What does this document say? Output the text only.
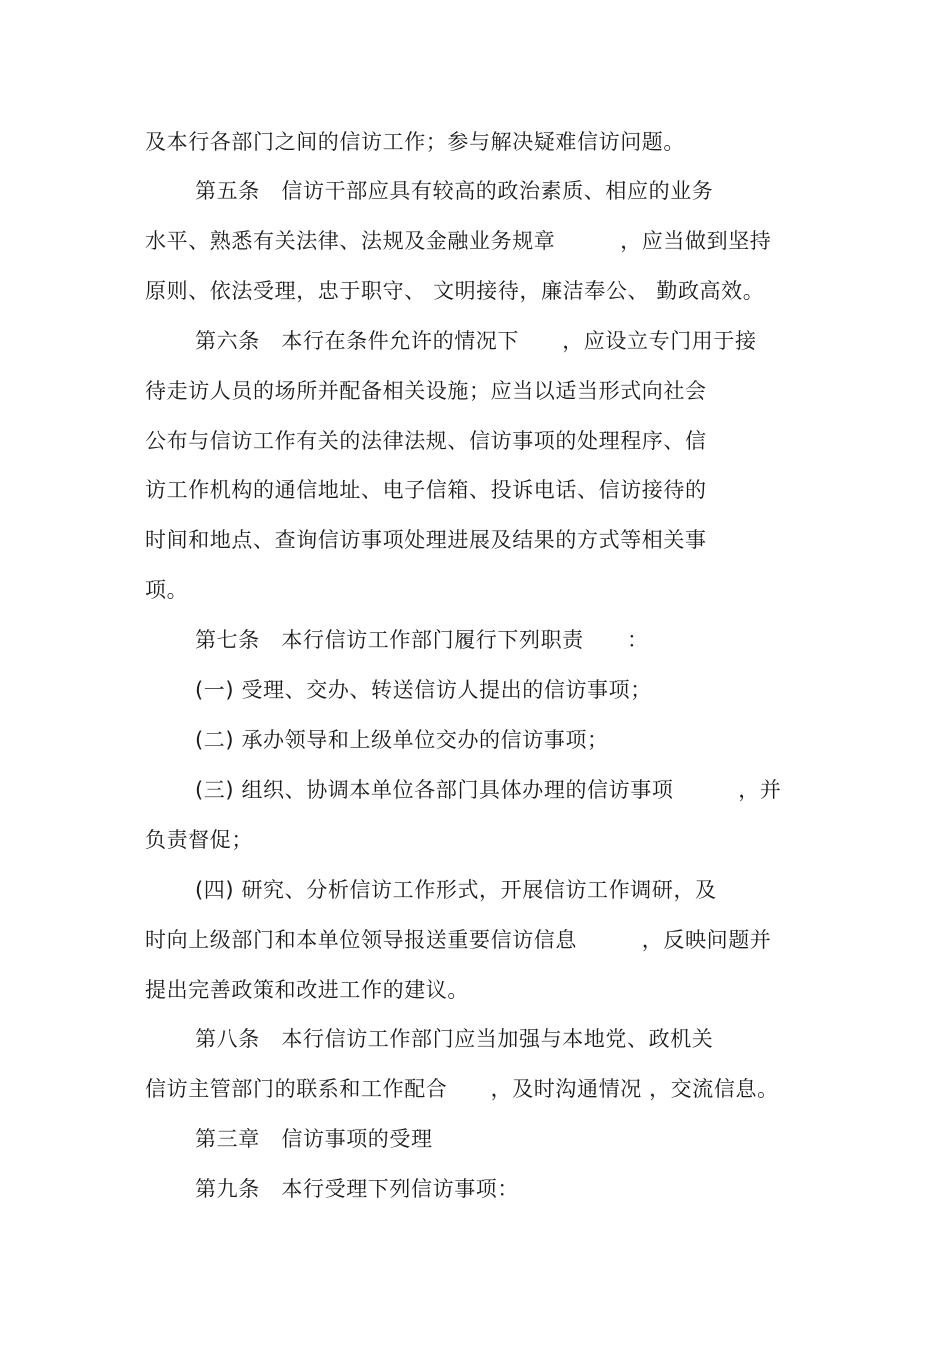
及本行各部门之间的信访工作；参与解决疑难信访问题。
第五条　信访干部应具有较高的政治素质、相应的业务
水平、熟悉有关法律、法规及金融业务规章　　　，应当做到坚持
原则、依法受理，忠于职守、 文明接待，廉洁奉公、 勤政高效。
第六条　本行在条件允许的情况下　　，应设立专门用于接
待走访人员的场所并配备相关设施；应当以适当形式向社会
公布与信访工作有关的法律法规、信访事项的处理程序、信
访工作机构的通信地址、电子信箱、投诉电话、信访接待的
时间和地点、查询信访事项处理进展及结果的方式等相关事
项。
第七条　本行信访工作部门履行下列职责　　：
(一) 受理、交办、转送信访人提出的信访事项；
(二) 承办领导和上级单位交办的信访事项；
(三) 组织、协调本单位各部门具体办理的信访事项　　　，并
负责督促；
(四) 研究、分析信访工作形式，开展信访工作调研，及
时向上级部门和本单位领导报送重要信访信息　　　，反映问题并
提出完善政策和改进工作的建议。
第八条　本行信访工作部门应当加强与本地党、政机关
信访主管部门的联系和工作配合　　，及时沟通情况 ，交流信息。
第三章　信访事项的受理
第九条　本行受理下列信访事项：
